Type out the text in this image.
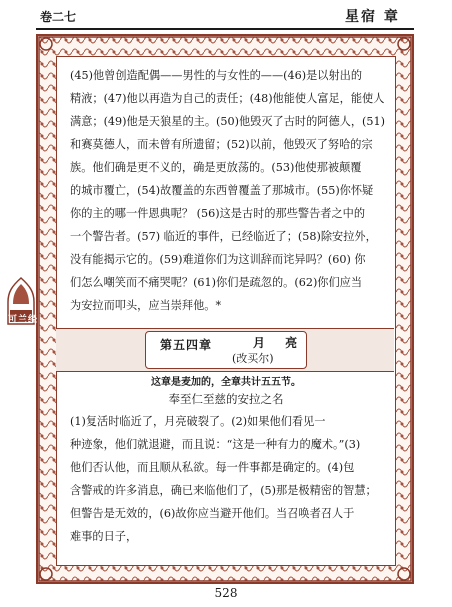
卷二七	星宿 章
可兰经

(45)他曾创造配偶——男性的与女性的——(46)是以射出的

精液；(47)他以再造为自己的责任；(48)他能使人富足，能使人

满意；(49)他是天狼星的主。(50)他毁灭了古时的阿德人，(51)

和赛莫德人，而未曾有所遗留；(52)以前，他毁灭了努哈的宗

族。他们确是更不义的，确是更放荡的。(53)他使那被颠覆

的城市覆亡，(54)故覆盖的东西曾覆盖了那城市。(55)你怀疑

你的主的哪一件恩典呢？ (56)这是古时的那些警告者之中的

一个警告者。(57) 临近的事件，已经临近了；(58)除安拉外，

没有能揭示它的。(59)难道你们为这训辞而诧异吗？(60) 你

们怎么嘲笑而不痛哭呢？(61)你们是疏忽的。(62)你们应当

为安拉而叩头，应当崇拜他。*

第五四章	月 亮
(改买尔)
这章是麦加的，全章共计五五节。
奉至仁至慈的安拉之名

(1)复活时临近了，月亮破裂了。(2)如果他们看见一

种迹象，他们就退避，而且说：“这是一种有力的魔术。”(3)

他们否认他，而且顺从私欲。每一件事都是确定的。(4)包

含警戒的许多消息，确已来临他们了，(5)那是极精密的智慧；

但警告是无效的，(6)故你应当避开他们。当召唤者召人于

难事的日子，

528
